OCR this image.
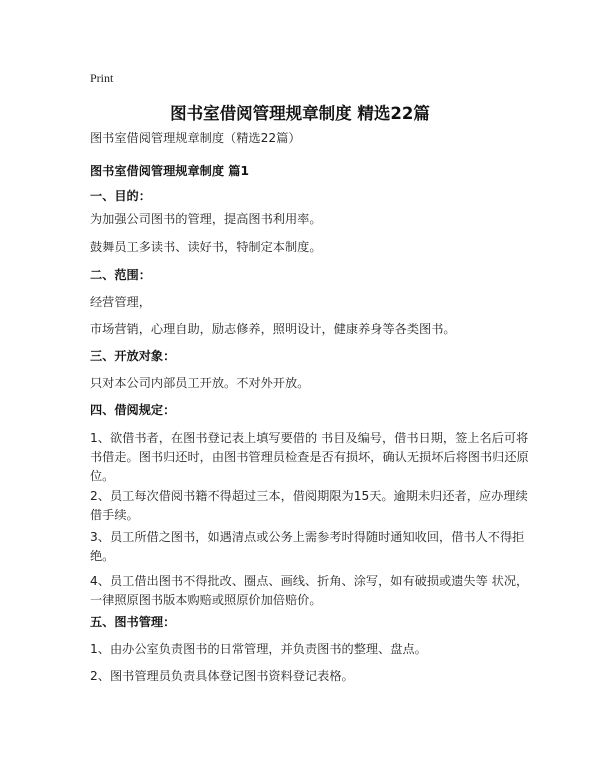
Print
图书室借阅管理规章制度 精选22篇
图书室借阅管理规章制度（精选22篇）
图书室借阅管理规章制度 篇1
一、目的：
为加强公司图书的管理，提高图书利用率。
鼓舞员工多读书、读好书，特制定本制度。
二、范围：
经营管理，
市场营销，心理自助，励志修养，照明设计，健康养身等各类图书。
三、开放对象：
只对本公司内部员工开放。不对外开放。
四、借阅规定：
1、欲借书者，在图书登记表上填写要借的 书目及编号，借书日期，签上名后可将书借走。图书归还时，由图书管理员检查是否有损坏，确认无损坏后将图书归还原位。
2、员工每次借阅书籍不得超过三本，借阅期限为15天。逾期未归还者，应办理续借手续。
3、员工所借之图书，如遇清点或公务上需参考时得随时通知收回，借书人不得拒绝。
4、员工借出图书不得批改、圈点、画线、折角、涂写，如有破损或遗失等 状况，一律照原图书版本购赔或照原价加倍赔价。
五、图书管理：
1、由办公室负责图书的日常管理，并负责图书的整理、盘点。
2、图书管理员负责具体登记图书资料登记表格。
